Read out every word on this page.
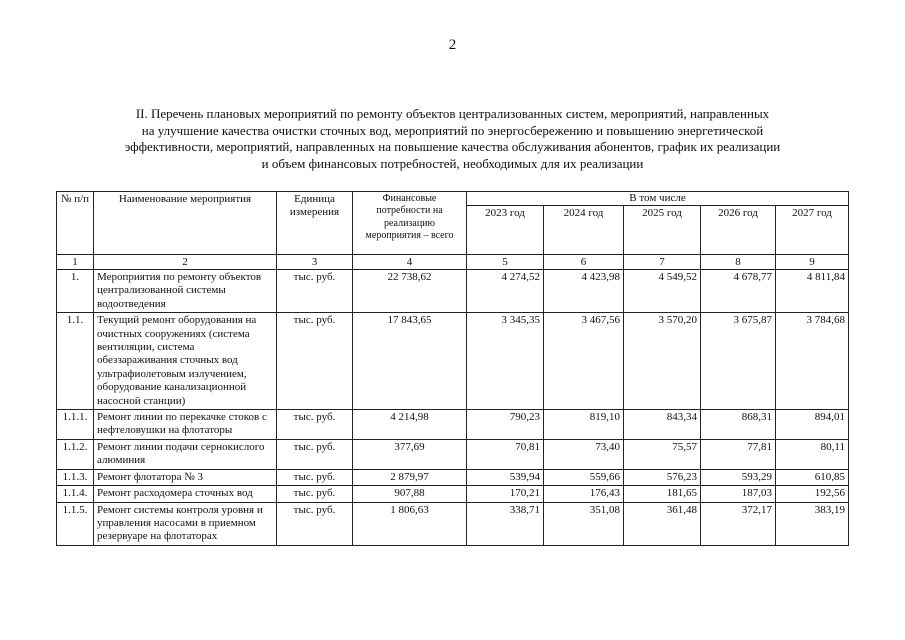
2
II. Перечень плановых мероприятий по ремонту объектов централизованных систем, мероприятий, направленных
на улучшение качества очистки сточных вод, мероприятий по энергосбережению и повышению энергетической
эффективности, мероприятий, направленных на повышение качества обслуживания абонентов, график их реализации
и объем финансовых потребностей, необходимых для их реализации
№ п/п	Наименование мероприятия	Единица измерения	Финансовые потребности на реализацию мероприятия – всего	В том числе				
				2023 год	2024 год	2025 год	2026 год	2027 год
1	2	3	4	5	6	7	8	9
1.	Мероприятия по ремонту объектов централизованной системы водоотведения	тыс. руб.	22 738,62	4 274,52	4 423,98	4 549,52	4 678,77	4 811,84
1.1.	Текущий ремонт оборудования на очистных сооружениях (система вентиляции, система обеззараживания сточных вод ультрафиолетовым излучением, оборудование канализационной насосной станции)	тыс. руб.	17 843,65	3 345,35	3 467,56	3 570,20	3 675,87	3 784,68
1.1.1.	Ремонт линии по перекачке стоков с нефтеловушки на флотаторы	тыс. руб.	4 214,98	790,23	819,10	843,34	868,31	894,01
1.1.2.	Ремонт линии подачи сернокислого алюминия	тыс. руб.	377,69	70,81	73,40	75,57	77,81	80,11
1.1.3.	Ремонт флотатора № 3	тыс. руб.	2 879,97	539,94	559,66	576,23	593,29	610,85
1.1.4.	Ремонт расходомера сточных вод	тыс. руб.	907,88	170,21	176,43	181,65	187,03	192,56
1.1.5.	Ремонт системы контроля уровня и управления насосами в приемном резервуаре на флотаторах	тыс. руб.	1 806,63	338,71	351,08	361,48	372,17	383,19
